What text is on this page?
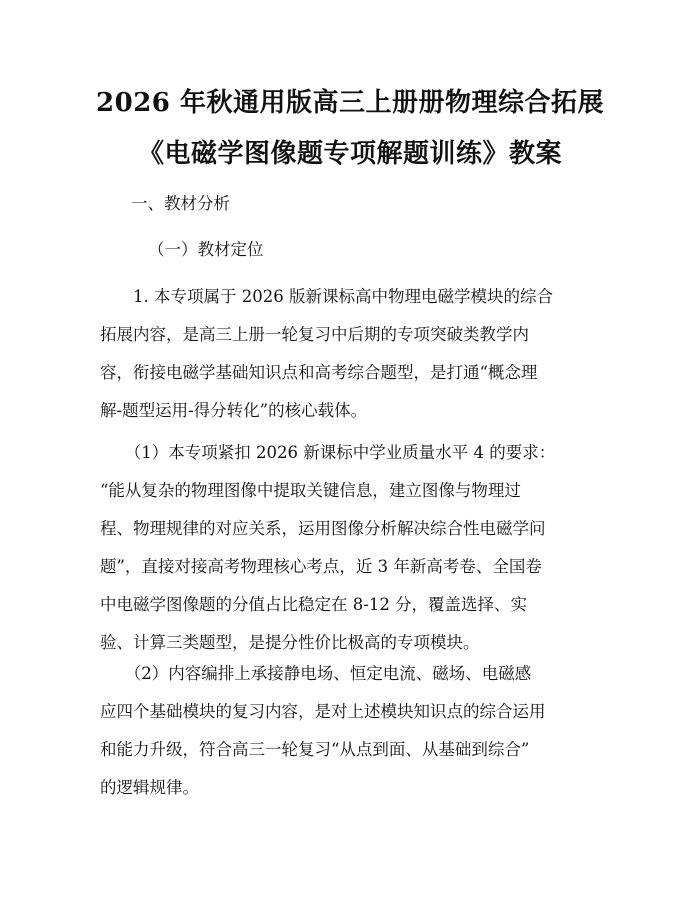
2026 年秋通用版高三上册册物理综合拓展
《电磁学图像题专项解题训练》教案
一、教材分析
（一）教材定位
　　1. 本专项属于 2026 版新课标高中物理电磁学模块的综合
拓展内容，是高三上册一轮复习中后期的专项突破类教学内
容，衔接电磁学基础知识点和高考综合题型，是打通“概念理
解-题型运用-得分转化”的核心载体。
　　（1）本专项紧扣 2026 新课标中学业质量水平 4 的要求：
“能从复杂的物理图像中提取关键信息，建立图像与物理过
程、物理规律的对应关系，运用图像分析解决综合性电磁学问
题”，直接对接高考物理核心考点，近 3 年新高考卷、全国卷
中电磁学图像题的分值占比稳定在 8-12 分，覆盖选择、实
验、计算三类题型，是提分性价比极高的专项模块。
　　（2）内容编排上承接静电场、恒定电流、磁场、电磁感
应四个基础模块的复习内容，是对上述模块知识点的综合运用
和能力升级，符合高三一轮复习“从点到面、从基础到综合”
的逻辑规律。
